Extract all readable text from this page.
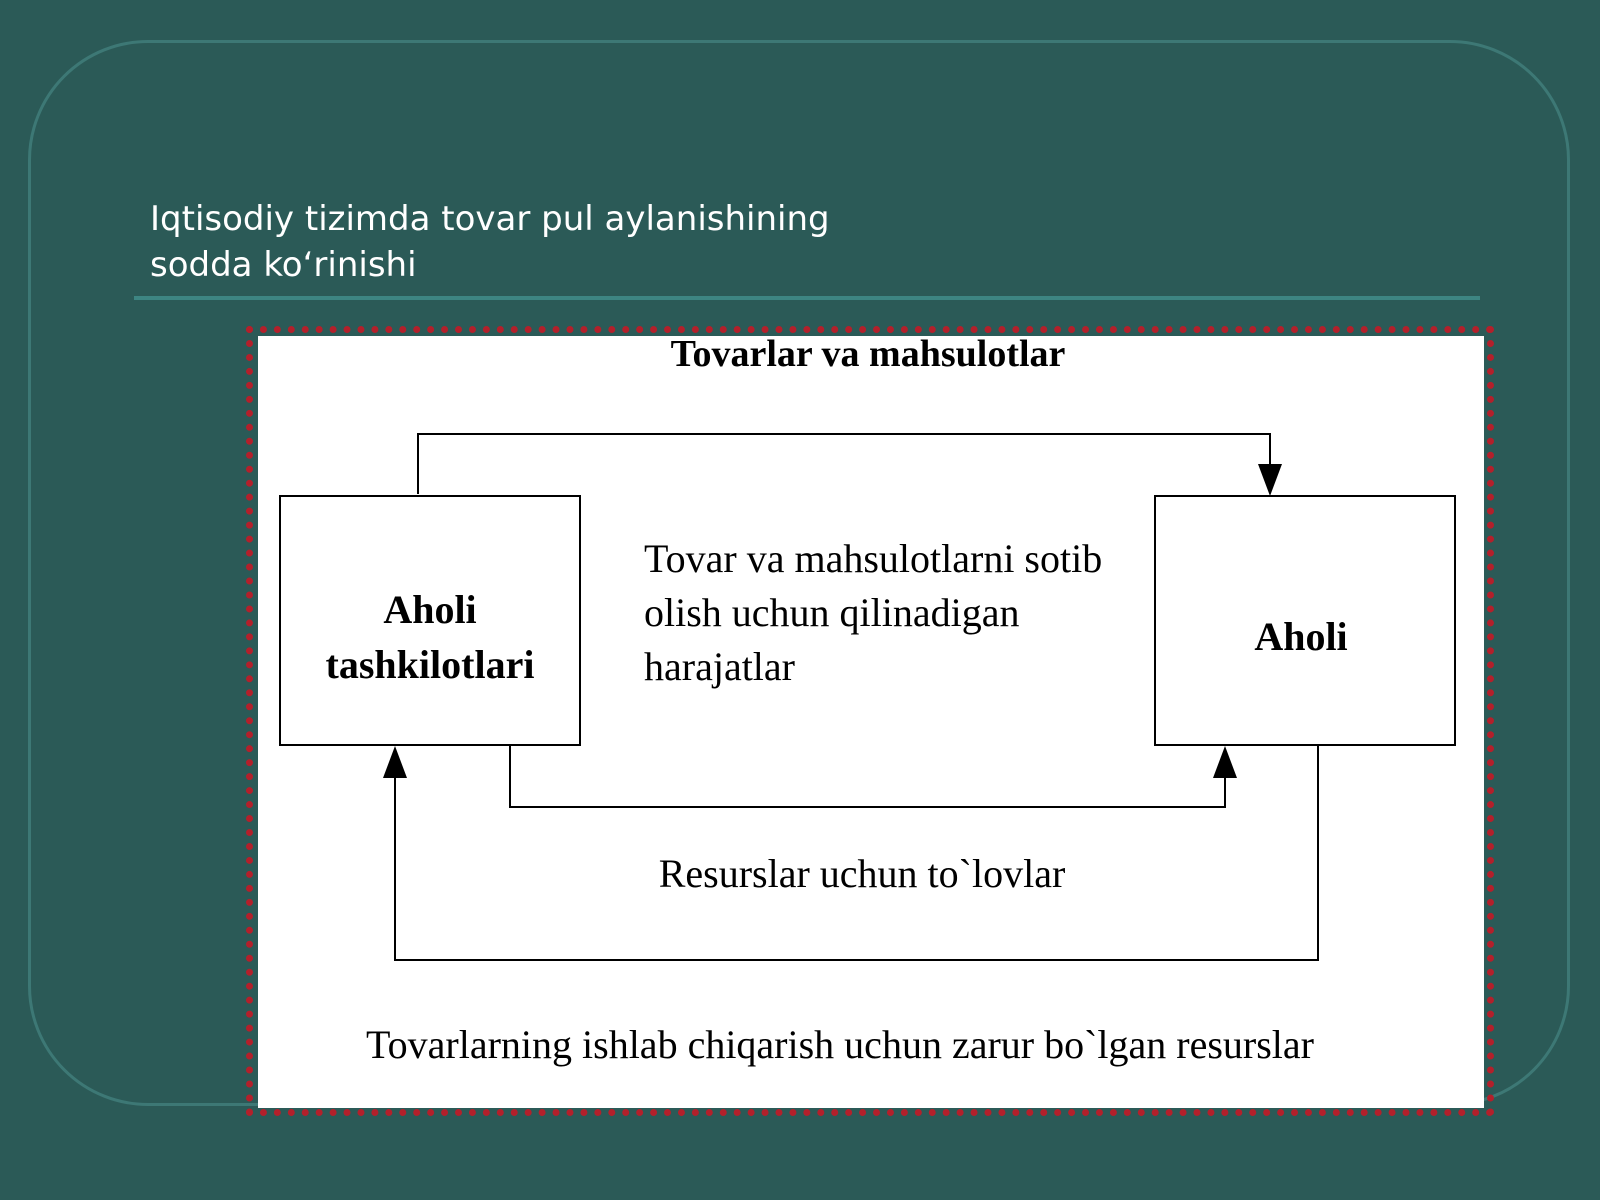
Iqtisodiy tizimda tovar pul aylanishining
sodda ko‘rinishi
Tovarlar va mahsulotlar
Aholi
tashkilotlari
Aholi
Tovar va mahsulotlarni sotib
olish uchun qilinadigan
harajatlar
Resurslar uchun to`lovlar
Tovarlarning ishlab chiqarish uchun zarur bo`lgan resurslar
